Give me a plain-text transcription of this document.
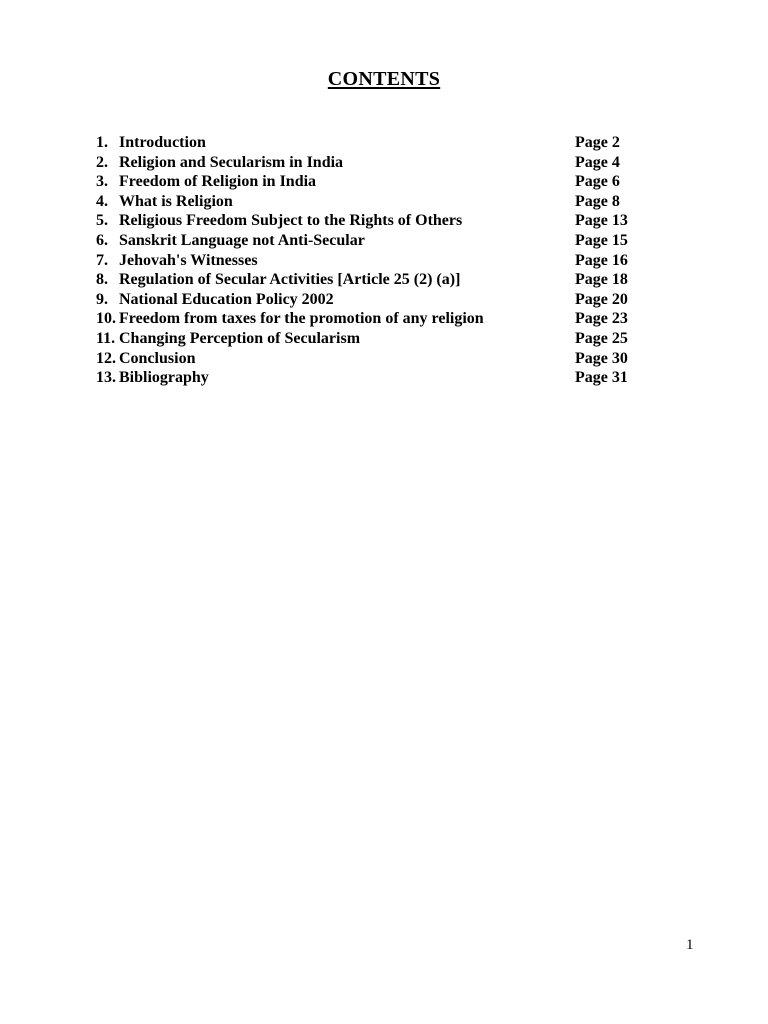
CONTENTS
1. Introduction	Page 2
2. Religion and Secularism in India	Page 4
3. Freedom of Religion in India	Page 6
4. What is Religion	Page 8
5. Religious Freedom Subject to the Rights of Others	Page 13
6. Sanskrit Language not Anti-Secular	Page 15
7. Jehovah's Witnesses	Page 16
8. Regulation of Secular Activities [Article 25 (2) (a)]	Page 18
9. National Education Policy 2002	Page 20
10. Freedom from taxes for the promotion of any religion	Page 23
11. Changing Perception of Secularism	Page 25
12. Conclusion	Page 30
13. Bibliography	Page 31
1
